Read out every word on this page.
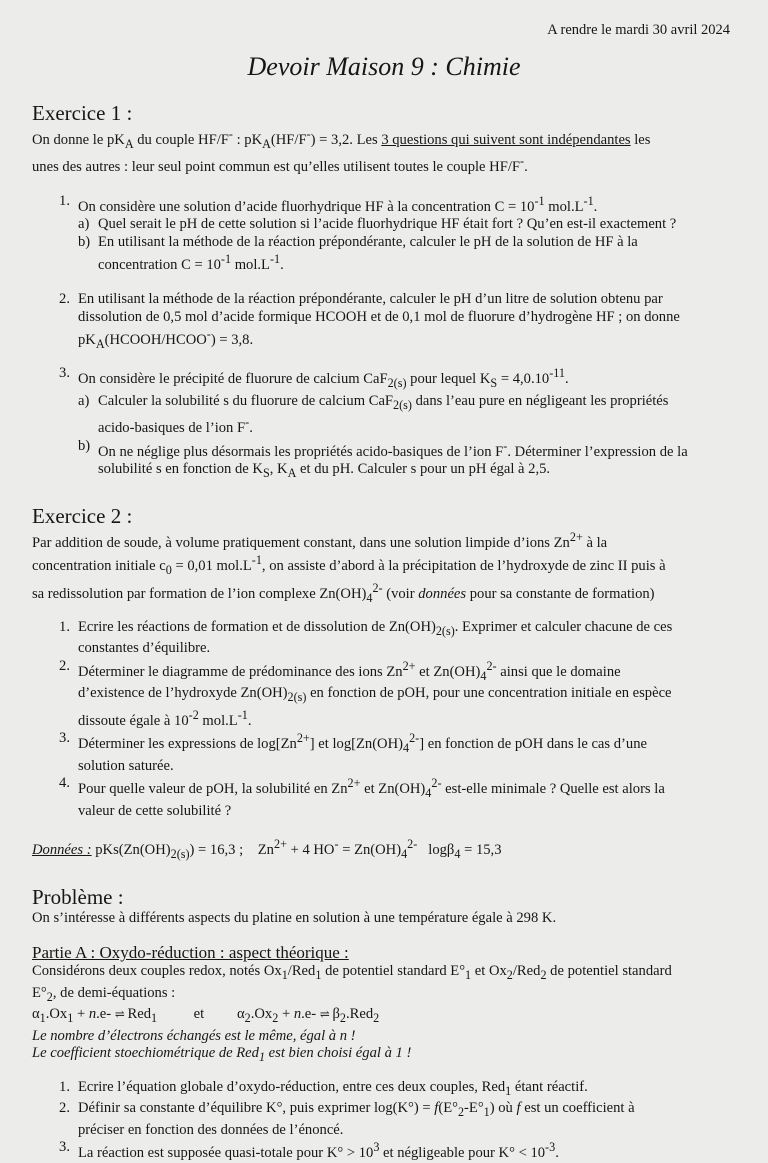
A rendre le mardi 30 avril 2024
Devoir Maison 9 : Chimie
Exercice 1 :

On donne le $pK_A$ du couple HF/F- : $pK_A(HF/F^-) = 3,2$. Les 3 questions qui suivent sont indépendantes les

unes des autres : leur seul point commun est qu’elles utilisent toutes le couple HF/F-.

1. On considère une solution d’acide fluorhydrique HF à la concentration $C = 10^{-1}$ $mol.L^{-1}$.
a) Quel serait le pH de cette solution si l’acide fluorhydrique HF était fort ? Qu’en est-il exactement ?
b) En utilisant la méthode de la réaction prépondérante, calculer le pH de la solution de HF à la
concentration $C = 10^{-1}$ $mol.L^{-1}$.
2. En utilisant la méthode de la réaction prépondérante, calculer le pH d’un litre de solution obtenu par
dissolution de 0,5 mol d’acide formique HCOOH et de 0,1 mol de fluorure d’hydrogène HF ; on donne
$pK_A(HCOOH/HCOO^-) = 3,8$.
3. On considère le précipité de fluorure de calcium CaF$_{2(s)}$ pour lequel $K_S = 4,0.10^{-11}$.
a) Calculer la solubilité s du fluorure de calcium CaF$_{2(s)}$ dans l’eau pure en négligeant les propriétés
acido-basiques de l’ion F-.
b) On ne néglige plus désormais les propriétés acido-basiques de l’ion F-. Déterminer l’expression de la
solubilité s en fonction de $K_S$, $K_A$ et du pH. Calculer s pour un pH égal à 2,5.
Exercice 2 :

Par addition de soude, à volume pratiquement constant, dans une solution limpide d’ions $Zn^{2+}$ à la

concentration initiale $c_0 = 0,01$ $mol.L^{-1}$, on assiste d’abord à la précipitation de l’hydroxyde de zinc II puis à

sa redissolution par formation de l’ion complexe $Zn(OH)_4^{2-}$ (voir données pour sa constante de formation)

1. Ecrire les réactions de formation et de dissolution de $Zn(OH)_{2(s)}$. Exprimer et calculer chacune de ces
constantes d’équilibre.
2. Déterminer le diagramme de prédominance des ions $Zn^{2+}$ et $Zn(OH)_4^{2-}$ ainsi que le domaine
d’existence de l’hydroxyde $Zn(OH)_{2(s)}$ en fonction de pOH, pour une concentration initiale en espèce
dissoute égale à $10^{-2}$ $mol.L^{-1}$.
3. Déterminer les expressions de $\log[Zn^{2+}]$ et $\log[Zn(OH)_4^{2-}]$ en fonction de pOH dans le cas d’une
solution saturée.
4. Pour quelle valeur de pOH, la solubilité en $Zn^{2+}$ et $Zn(OH)_4^{2-}$ est-elle minimale ? Quelle est alors la
valeur de cette solubilité ?

Données : $pKs(Zn(OH)_{2(s)}) = 16,3$ ; $Zn^{2+} + 4$ $HO^- = Zn(OH)_4^{2-}$ logβ$_4$ = 15,3

Problème :

On s’intéresse à différents aspects du platine en solution à une température égale à 298 K.

Partie A : Oxydo-réduction : aspect théorique :

Considérons deux couples redox, notés $Ox_1/Red_1$ de potentiel standard $E^\circ_1$ et $Ox_2/Red_2$ de potentiel standard

$E^\circ_2$, de demi-équations :

$\alpha_1.Ox_1 + n.e-$ ⇌ Red$_1$ et $\alpha_2.Ox_2 + n.e-$ ⇌ $\beta_2.Red_2$

Le nombre d’électrons échangés est le même, égal à n !

Le coefficient stoechiométrique de Red$_1$ est bien choisi égal à 1 !

1. Ecrire l’équation globale d’oxydo-réduction, entre ces deux couples, Red$_1$ étant réactif.
2. Définir sa constante d’équilibre K°, puis exprimer $\log(K^\circ) = f(E^\circ_2-E^\circ_1)$ où f est un coefficient à
préciser en fonction des données de l’énoncé.
3. La réaction est supposée quasi-totale pour $K^\circ > 10^3$ et négligeable pour $K^\circ < 10^{-3}$.
